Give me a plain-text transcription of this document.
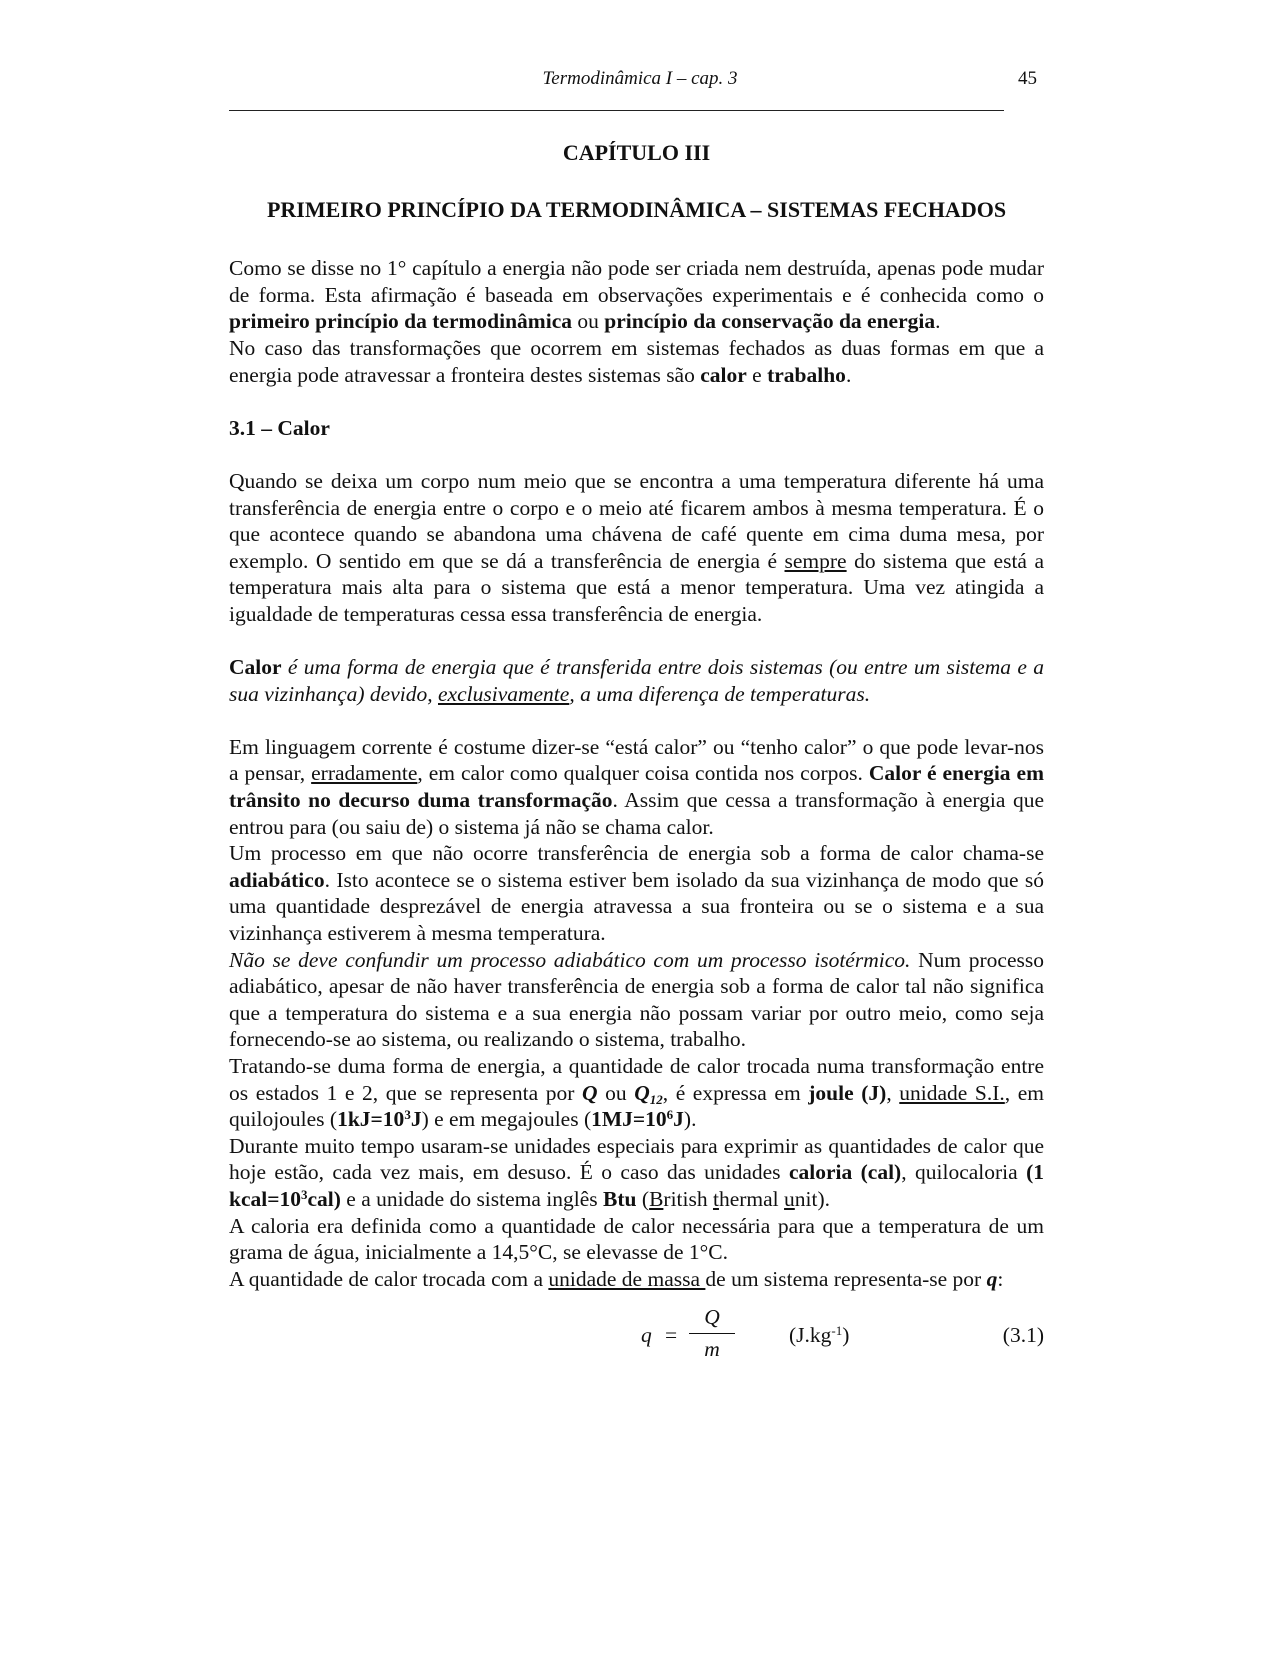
Termodinâmica I – cap. 3	45
CAPÍTULO III
PRIMEIRO PRINCÍPIO DA TERMODINÂMICA – SISTEMAS FECHADOS

Como se disse no 1° capítulo a energia não pode ser criada nem destruída, apenas pode mudar de forma. Esta afirmação é baseada em observações experimentais e é conhecida como o primeiro princípio da termodinâmica ou princípio da conservação da energia.

No caso das transformações que ocorrem em sistemas fechados as duas formas em que a energia pode atravessar a fronteira destes sistemas são calor e trabalho.

3.1 – Calor

Quando se deixa um corpo num meio que se encontra a uma temperatura diferente há uma transferência de energia entre o corpo e o meio até ficarem ambos à mesma temperatura. É o que acontece quando se abandona uma chávena de café quente em cima duma mesa, por exemplo. O sentido em que se dá a transferência de energia é sempre do sistema que está a temperatura mais alta para o sistema que está a menor temperatura. Uma vez atingida a igualdade de temperaturas cessa essa transferência de energia.

Calor é uma forma de energia que é transferida entre dois sistemas (ou entre um sistema e a sua vizinhança) devido, exclusivamente, a uma diferença de temperaturas.

Em linguagem corrente é costume dizer-se “está calor” ou “tenho calor” o que pode levar-nos a pensar, erradamente, em calor como qualquer coisa contida nos corpos. Calor é energia em trânsito no decurso duma transformação. Assim que cessa a transformação à energia que entrou para (ou saiu de) o sistema já não se chama calor.

Um processo em que não ocorre transferência de energia sob a forma de calor chama-se adiabático. Isto acontece se o sistema estiver bem isolado da sua vizinhança de modo que só uma quantidade desprezável de energia atravessa a sua fronteira ou se o sistema e a sua vizinhança estiverem à mesma temperatura.

Não se deve confundir um processo adiabático com um processo isotérmico. Num processo adiabático, apesar de não haver transferência de energia sob a forma de calor tal não significa que a temperatura do sistema e a sua energia não possam variar por outro meio, como seja fornecendo-se ao sistema, ou realizando o sistema, trabalho.

Tratando-se duma forma de energia, a quantidade de calor trocada numa transformação entre os estados 1 e 2, que se representa por Q ou $Q_{12}$, é expressa em joule (J), unidade S.I., em quilojoules $(1kJ=10^3J)$ e em megajoules $(1MJ=10^6J)$.

Durante muito tempo usaram-se unidades especiais para exprimir as quantidades de calor que hoje estão, cada vez mais, em desuso. É o caso das unidades caloria (cal), quilocaloria (1 $kcal=10^3cal$) e a unidade do sistema inglês Btu (British thermal unit).

A caloria era definida como a quantidade de calor necessária para que a temperatura de um grama de água, inicialmente a 14,5°C, se elevasse de 1°C.

A quantidade de calor trocada com a unidade de massa de um sistema representa-se por q:

q =
Q
m
$(J.kg^{-1})$	(3.1)
